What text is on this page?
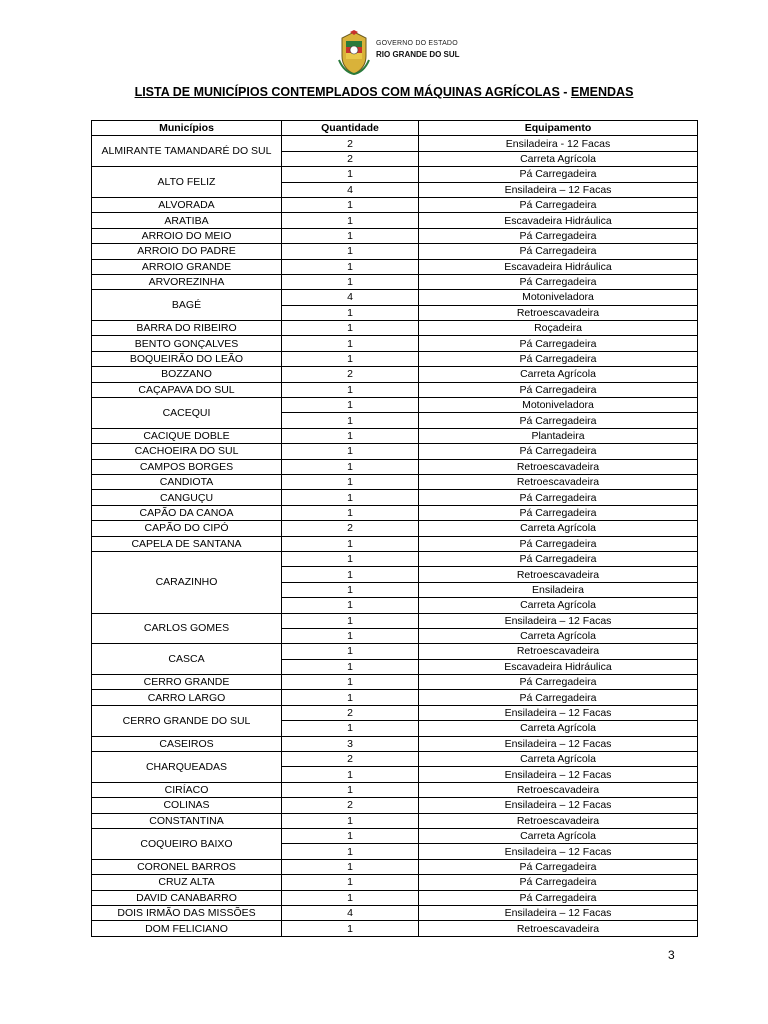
GOVERNO DO ESTADO
RIO GRANDE DO SUL
LISTA DE MUNICÍPIOS CONTEMPLADOS COM MÁQUINAS AGRÍCOLAS - EMENDAS
Municípios	Quantidade	Equipamento
ALMIRANTE TAMANDARÉ DO SUL	2	Ensiladeira - 12 Facas
	2	Carreta Agrícola
ALTO FELIZ	1	Pá Carregadeira
	4	Ensiladeira – 12 Facas
ALVORADA	1	Pá Carregadeira
ARATIBA	1	Escavadeira Hidráulica
ARROIO DO MEIO	1	Pá Carregadeira
ARROIO DO PADRE	1	Pá Carregadeira
ARROIO GRANDE	1	Escavadeira Hidráulica
ARVOREZINHA	1	Pá Carregadeira
BAGÉ	4	Motoniveladora
	1	Retroescavadeira
BARRA DO RIBEIRO	1	Roçadeira
BENTO GONÇALVES	1	Pá Carregadeira
BOQUEIRÃO DO LEÃO	1	Pá Carregadeira
BOZZANO	2	Carreta Agrícola
CAÇAPAVA DO SUL	1	Pá Carregadeira
CACEQUI	1	Motoniveladora
	1	Pá Carregadeira
CACIQUE DOBLE	1	Plantadeira
CACHOEIRA DO SUL	1	Pá Carregadeira
CAMPOS BORGES	1	Retroescavadeira
CANDIOTA	1	Retroescavadeira
CANGUÇU	1	Pá Carregadeira
CAPÃO DA CANOA	1	Pá Carregadeira
CAPÃO DO CIPÓ	2	Carreta Agrícola
CAPELA DE SANTANA	1	Pá Carregadeira
CARAZINHO	1	Pá Carregadeira
	1	Retroescavadeira
	1	Ensiladeira
	1	Carreta Agrícola
CARLOS GOMES	1	Ensiladeira – 12 Facas
	1	Carreta Agrícola
CASCA	1	Retroescavadeira
	1	Escavadeira Hidráulica
CERRO GRANDE	1	Pá Carregadeira
CARRO LARGO	1	Pá Carregadeira
CERRO GRANDE DO SUL	2	Ensiladeira – 12 Facas
	1	Carreta Agrícola
CASEIROS	3	Ensiladeira – 12 Facas
CHARQUEADAS	2	Carreta Agrícola
	1	Ensiladeira – 12 Facas
CIRÍACO	1	Retroescavadeira
COLINAS	2	Ensiladeira – 12 Facas
CONSTANTINA	1	Retroescavadeira
COQUEIRO BAIXO	1	Carreta Agrícola
	1	Ensiladeira – 12 Facas
CORONEL BARROS	1	Pá Carregadeira
CRUZ ALTA	1	Pá Carregadeira
DAVID CANABARRO	1	Pá Carregadeira
DOIS IRMÃO DAS MISSÕES	4	Ensiladeira – 12 Facas
DOM FELICIANO	1	Retroescavadeira
3
